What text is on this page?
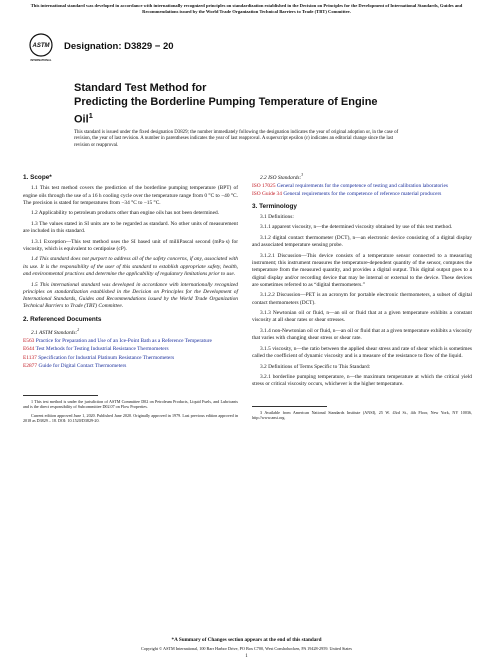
This international standard was developed in accordance with internationally recognized principles on standardization established in the Decision on Principles for the Development of International Standards, Guides and Recommendations issued by the World Trade Organization Technical Barriers to Trade (TBT) Committee.
ASTM
INTERNATIONAL
Designation: D3829 − 20
Standard Test Method for
Predicting the Borderline Pumping Temperature of Engine
Oil$^1$
This standard is issued under the fixed designation D3829; the number immediately following the designation indicates the year of original adoption or, in the case of revision, the year of last revision. A number in parentheses indicates the year of last reapproval. A superscript epsilon (ε) indicates an editorial change since the last revision or reapproval.
1. Scope*

1.1 This test method covers the prediction of the borderline pumping temperature (BPT) of engine oils through the use of a 16 h cooling cycle over the temperature range from 0 °C to −40 °C. The precision is stated for temperatures from −34 °C to −15 °C.

1.2 Applicability to petroleum products other than engine oils has not been determined.

1.3 The values stated in SI units are to be regarded as standard. No other units of measurement are included in this standard.

1.3.1 Exception—This test method uses the SI based unit of milliPascal second (mPa·s) for viscosity, which is equivalent to centipoise (cP).

1.4 This standard does not purport to address all of the safety concerns, if any, associated with its use. It is the responsibility of the user of this standard to establish appropriate safety, health, and environmental practices and determine the applicability of regulatory limitations prior to use.

1.5 This international standard was developed in accordance with internationally recognized principles on standardization established in the Decision on Principles for the Development of International Standards, Guides and Recommendations issued by the World Trade Organization Technical Barriers to Trade (TBT) Committee.

2. Referenced Documents

2.1 ASTM Standards:$^2$

E563 Practice for Preparation and Use of an Ice-Point Bath as a Reference Temperature
E644 Test Methods for Testing Industrial Resistance Thermometers
E1137 Specification for Industrial Platinum Resistance Thermometers
E2877 Guide for Digital Contact Thermometers

1 This test method is under the jurisdiction of ASTM Committee D02 on Petroleum Products, Liquid Fuels, and Lubricants and is the direct responsibility of Subcommittee D02.07 on Flow Properties.

Current edition approved June 1, 2020. Published June 2020. Originally approved in 1979. Last previous edition approved in 2018 as D3829 – 18. DOI: 10.1520/D3829-20.

2.2 ISO Standards:$^3$

ISO 17025 General requirements for the competence of testing and calibration laboratories
ISO Guide 34 General requirements for the competence of reference material producers
3. Terminology

3.1 Definitions:

3.1.1 apparent viscosity, n—the determined viscosity obtained by use of this test method.

3.1.2 digital contact thermometer (DCT), n—an electronic device consisting of a digital display and associated temperature sensing probe.

3.1.2.1 Discussion—This device consists of a temperature sensor connected to a measuring instrument; this instrument measures the temperature-dependent quantity of the sensor, computes the temperature from the measured quantity, and provides a digital output. This digital output goes to a digital display and/or recording device that may be internal or external to the device. These devices are sometimes referred to as “digital thermometers.”

3.1.2.2 Discussion—PET is an acronym for portable electronic thermometers, a subset of digital contact thermometers (DCT).

3.1.3 Newtonian oil or fluid, n—an oil or fluid that at a given temperature exhibits a constant viscosity at all shear rates or shear stresses.

3.1.4 non-Newtonian oil or fluid, n—an oil or fluid that at a given temperature exhibits a viscosity that varies with changing shear stress or shear rate.

3.1.5 viscosity, n—the ratio between the applied shear stress and rate of shear which is sometimes called the coefficient of dynamic viscosity and is a measure of the resistance to flow of the liquid.

3.2 Definitions of Terms Specific to This Standard:

3.2.1 borderline pumping temperature, n—the maximum temperature at which the critical yield stress or critical viscosity occurs, whichever is the higher temperature.

3 Available from American National Standards Institute (ANSI), 25 W. 43rd St., 4th Floor, New York, NY 10036, http://www.ansi.org.

*A Summary of Changes section appears at the end of this standard
Copyright © ASTM International, 100 Barr Harbor Drive, PO Box C700, West Conshohocken, PA 19428-2959. United States
1
